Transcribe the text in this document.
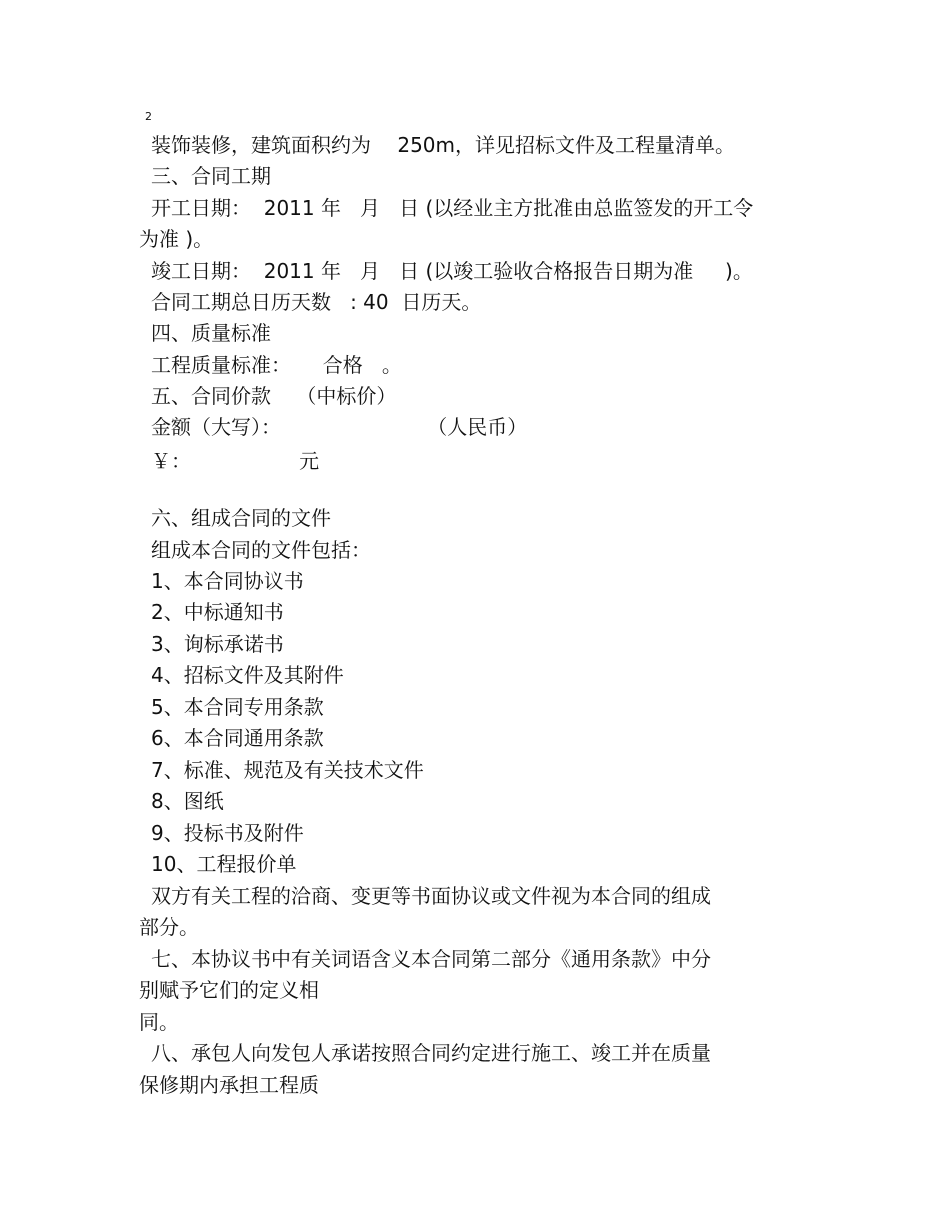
2
装饰装修，建筑面积约为　 250m，详见招标文件及工程量清单。
三、合同工期
开工日期：  2011 年   月   日 (以经业主方批准由总监签发的开工令
为准 )。
竣工日期：  2011 年   月   日 (以竣工验收合格报告日期为准     )。
合同工期总日历天数   : 40  日历天。
四、质量标准
工程质量标准：     合格   。
五、合同价款    （中标价）
金额（大写）：                       （人民币）
￥：                 元
六、组成合同的文件
组成本合同的文件包括：
1、本合同协议书
2、中标通知书
3、询标承诺书
4、招标文件及其附件
5、本合同专用条款
6、本合同通用条款
7、标准、规范及有关技术文件
8、图纸
9、投标书及附件
10、工程报价单
双方有关工程的洽商、变更等书面协议或文件视为本合同的组成
部分。
七、本协议书中有关词语含义本合同第二部分《通用条款》中分
别赋予它们的定义相
同。
八、承包人向发包人承诺按照合同约定进行施工、竣工并在质量
保修期内承担工程质
